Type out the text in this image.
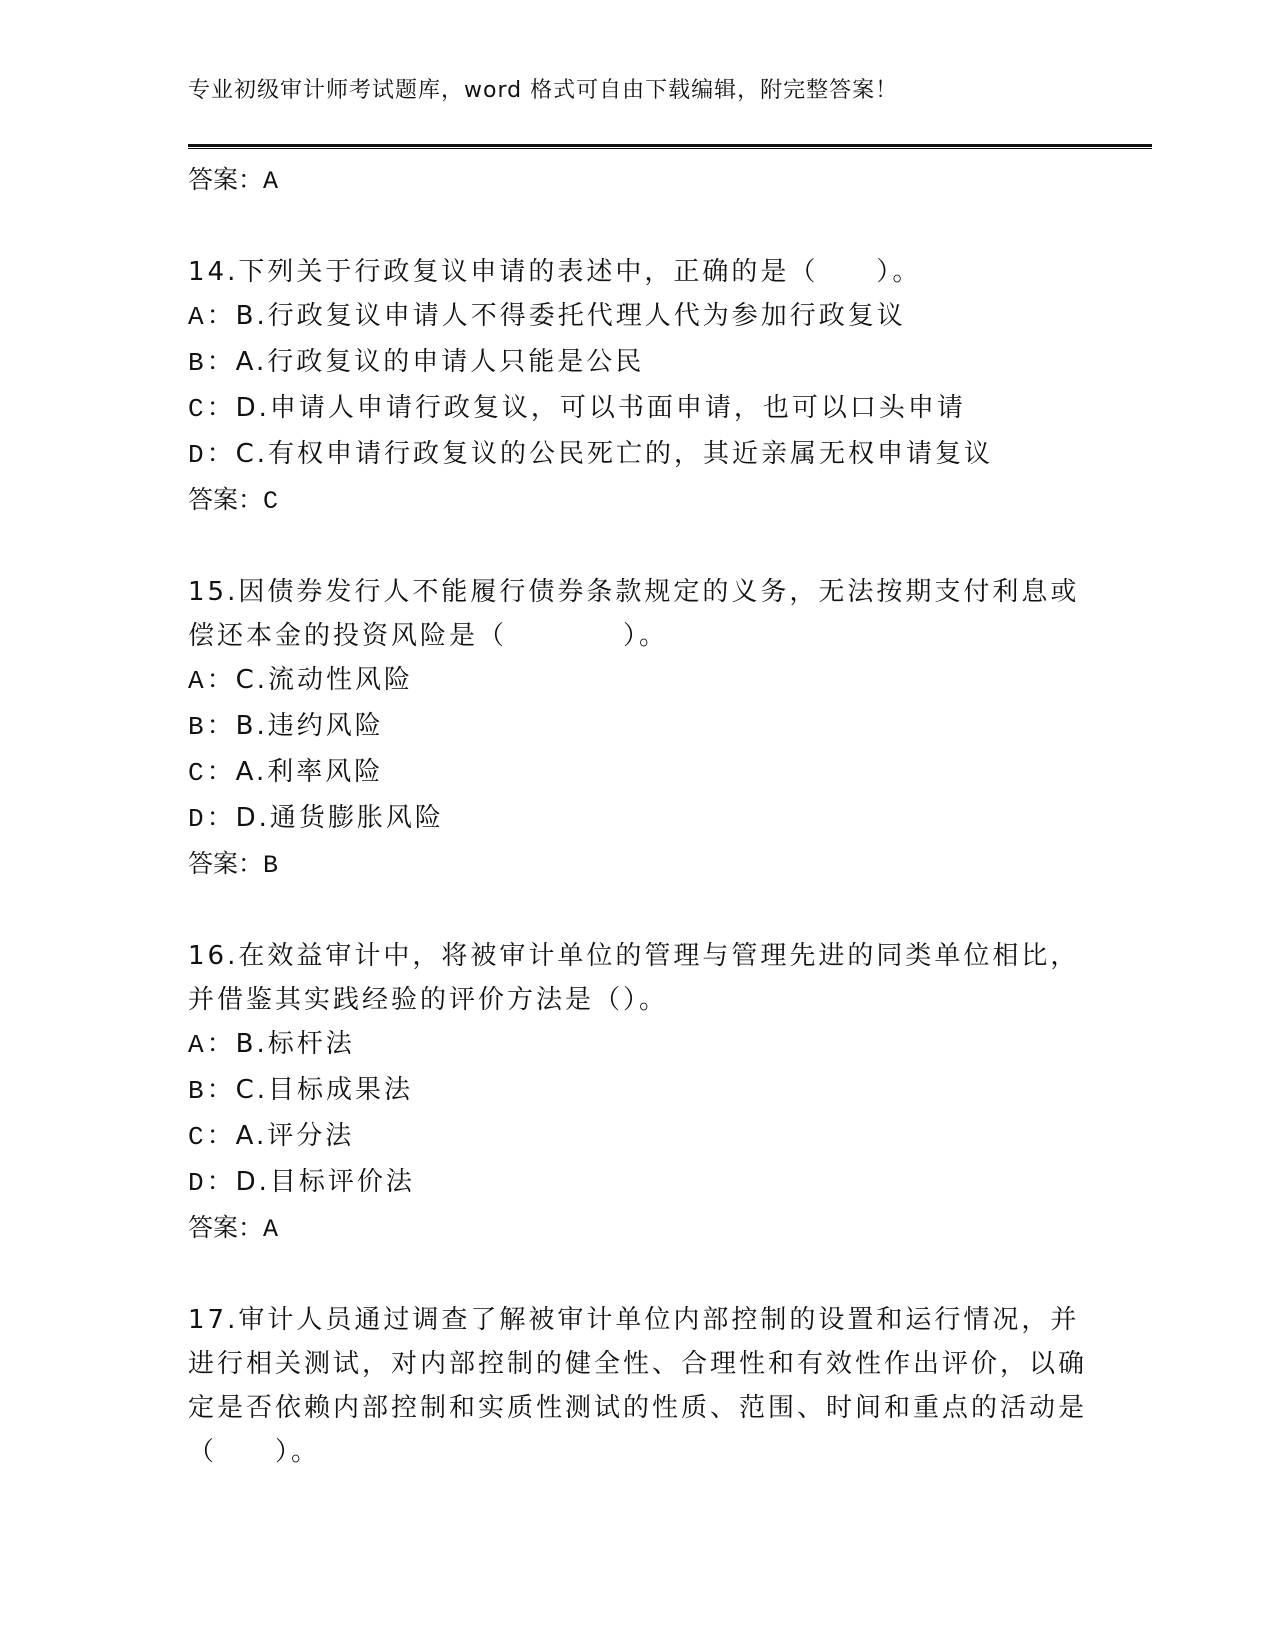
专业初级审计师考试题库，word 格式可自由下载编辑，附完整答案！
答案：A

14.下列关于行政复议申请的表述中，正确的是（　　）。

A：B.行政复议申请人不得委托代理人代为参加行政复议
B：A.行政复议的申请人只能是公民
C：D.申请人申请行政复议，可以书面申请，也可以口头申请
D：C.有权申请行政复议的公民死亡的，其近亲属无权申请复议
答案：C

15.因债券发行人不能履行债券条款规定的义务，无法按期支付利息或偿还本金的投资风险是（　　　　）。

A：C.流动性风险
B：B.违约风险
C：A.利率风险
D：D.通货膨胀风险
答案：B

16.在效益审计中，将被审计单位的管理与管理先进的同类单位相比，并借鉴其实践经验的评价方法是（）。

A：B.标杆法
B：C.目标成果法
C：A.评分法
D：D.目标评价法
答案：A

17.审计人员通过调查了解被审计单位内部控制的设置和运行情况，并进行相关测试，对内部控制的健全性、合理性和有效性作出评价，以确定是否依赖内部控制和实质性测试的性质、范围、时间和重点的活动是（　　）。
